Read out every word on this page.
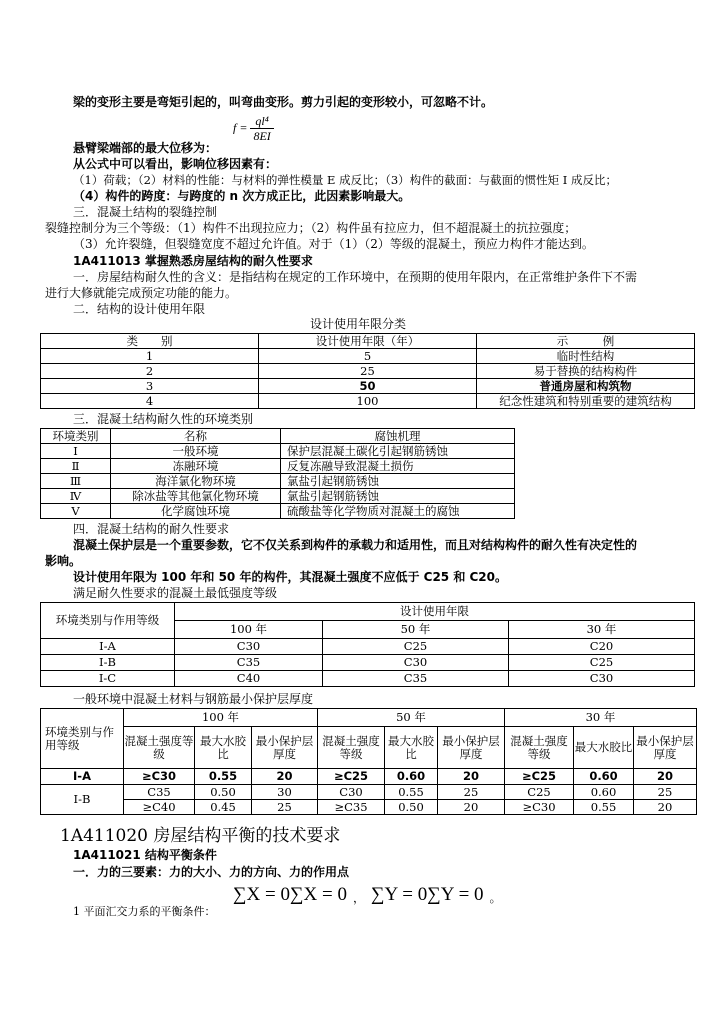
梁的变形主要是弯矩引起的，叫弯曲变形。剪力引起的变形较小，可忽略不计。
$f = \frac{\text{ql⁴}}{8EI}$
悬臂梁端部的最大位移为：
从公式中可以看出，影响位移因素有：
（1）荷载；（2）材料的性能：与材料的弹性模量 E 成反比；（3）构件的截面：与截面的惯性矩 I 成反比；
（4）构件的跨度：与跨度的 n 次方成正比，此因素影响最大。
三．混凝土结构的裂缝控制
裂缝控制分为三个等级：（1）构件不出现拉应力；（2）构件虽有拉应力，但不超混凝土的抗拉强度；
（3）允许裂缝，但裂缝宽度不超过允许值。对于（1）（2）等级的混凝土，预应力构件才能达到。
1A411013 掌握熟悉房屋结构的耐久性要求
一．房屋结构耐久性的含义：是指结构在规定的工作环境中，在预期的使用年限内，在正常维护条件下不需
进行大修就能完成预定功能的能力。
二．结构的设计使用年限
设计使用年限分类
类　　别	设计使用年限（年）	示　　　例
1	5	临时性结构
2	25	易于替换的结构构件
3	50	普通房屋和构筑物
4	100	纪念性建筑和特别重要的建筑结构
三．混凝土结构耐久性的环境类别
环境类别	名称	腐蚀机理
Ⅰ	一般环境	保护层混凝土碳化引起钢筋锈蚀
Ⅱ	冻融环境	反复冻融导致混凝土损伤
Ⅲ	海洋氯化物环境	氯盐引起钢筋锈蚀
Ⅳ	除冰盐等其他氯化物环境	氯盐引起钢筋锈蚀
Ⅴ	化学腐蚀环境	硫酸盐等化学物质对混凝土的腐蚀
四．混凝土结构的耐久性要求
混凝土保护层是一个重要参数，它不仅关系到构件的承载力和适用性，而且对结构构件的耐久性有决定性的
影响。
设计使用年限为 100 年和 50 年的构件，其混凝土强度不应低于 C25 和 C20。
满足耐久性要求的混凝土最低强度等级
环境类别与作用等级	设计使用年限		
	100 年	50 年	30 年
Ⅰ-A	C30	C25	C20
Ⅰ-B	C35	C30	C25
Ⅰ-C	C40	C35	C30
一般环境中混凝土材料与钢筋最小保护层厚度
环境类别与作用等级	100 年			50 年			30 年		
	混凝土强度等级	最大水胶比	最小保护层厚度	混凝土强度等级	最大水胶比	最小保护层厚度	混凝土强度等级	最大水胶比	最小保护层厚度
Ⅰ-A	≥C30	0.55	20	≥C25	0.60	20	≥C25	0.60	20
Ⅰ-B	C35	0.50	30	C30	0.55	25	C25	0.60	25
	≥C40	0.45	25	≥C35	0.50	20	≥C30	0.55	20
1A411020 房屋结构平衡的技术要求
1A411021 结构平衡条件
一．力的三要素：力的大小、力的方向、力的作用点
1 平面汇交力系的平衡条件：
∑X = 0∑X = 0 ， ∑Y = 0∑Y = 0 。
